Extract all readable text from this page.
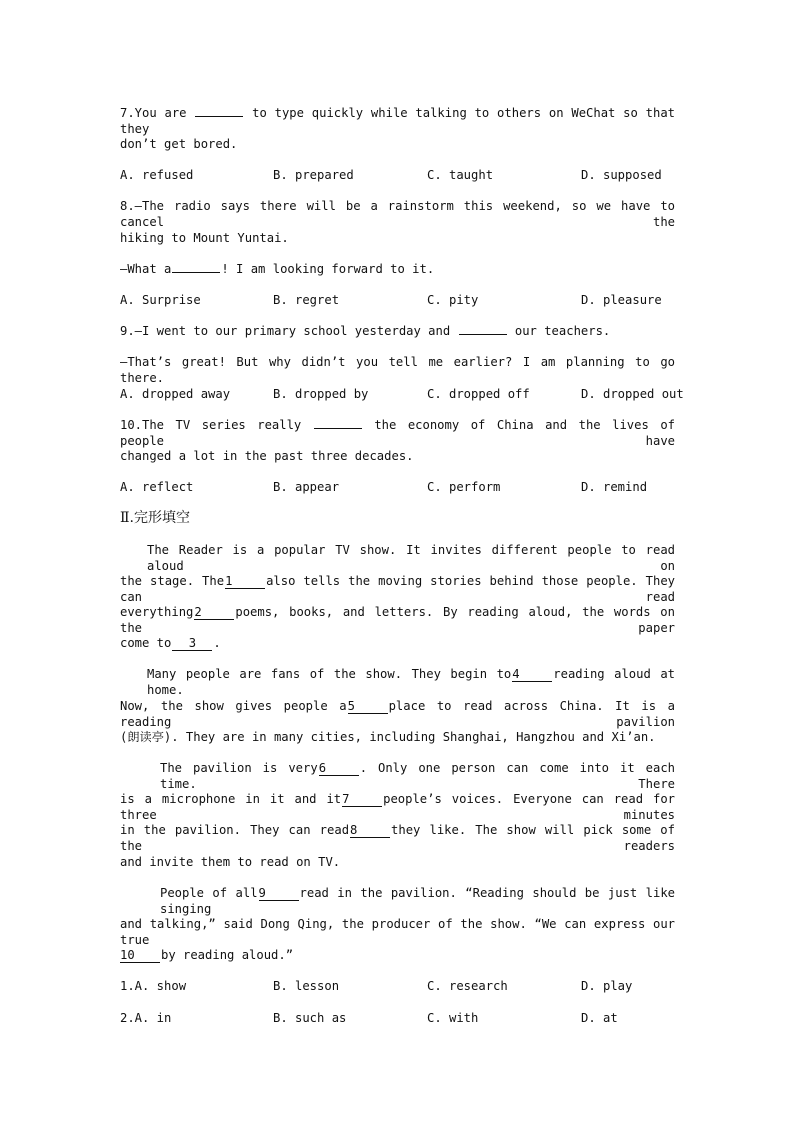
7.You are	to type quickly while talking to others on WeChat so that they
don’t get bored.
A. refused	B. prepared	C. taught	D. supposed
8.—The radio says there will be a rainstorm this weekend, so we have to cancel the
hiking to Mount Yuntai.
—What a	! I am looking forward to it.
A. Surprise	B. regret	C. pity	D. pleasure
9.—I went to our primary school yesterday and	our teachers.
—That’s great! But why didn’t you tell me earlier? I am planning to go there.
A. dropped away	B. dropped by	C. dropped off	D. dropped out
10.The TV series really	the economy of China and the lives of people have
changed a lot in the past three decades.
A. reflect	B. appear	C. perform	D. remind
Ⅱ.完形填空
The Reader is a popular TV show. It invites different people to read aloud on
the stage. The1	also tells the moving stories behind those people. They can read
everything2	poems, books, and letters. By reading aloud, the words on the paper
come to 3 .
Many people are fans of the show. They begin to4	reading aloud at home.
Now, the show gives people a5	place to read across China. It is a reading pavilion
(朗读亭). They are in many cities, including Shanghai, Hangzhou and Xi’an.
The pavilion is very6	. Only one person can come into it each time. There
is a microphone in it and it7	people’s voices. Everyone can read for three minutes
in the pavilion. They can read8	they like. The show will pick some of the readers
and invite them to read on TV.
People of all9	read in the pavilion. “Reading should be just like singing
and talking,” said Dong Qing, the producer of the show. “We can express our true
10 by reading aloud.”
1.A. show	B. lesson	C. research	D. play
2.A. in	B. such as	C. with	D. at
